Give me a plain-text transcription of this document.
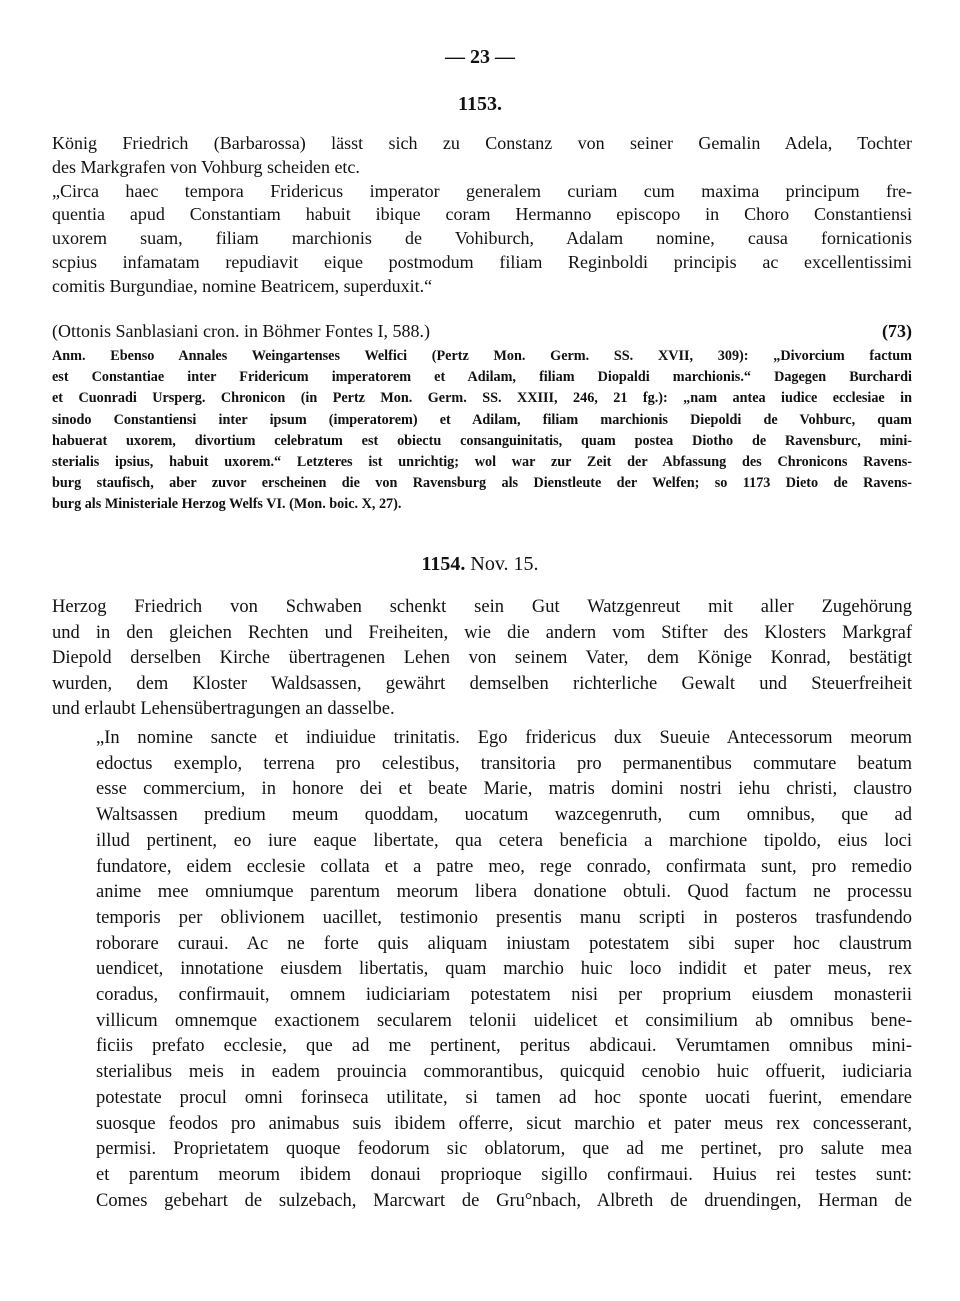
— 23 —
1153.
König Friedrich (Barbarossa) lässt sich zu Constanz von seiner Gemalin Adela, Tochter
des Markgrafen von Vohburg scheiden etc.
„Circa haec tempora Fridericus imperator generalem curiam cum maxima principum fre-
quentia apud Constantiam habuit ibique coram Hermanno episcopo in Choro Constantiensi
uxorem suam, filiam marchionis de Vohiburch, Adalam nomine, causa fornicationis
scpius infamatam repudiavit eique postmodum filiam Reginboldi principis ac excellentissimi
comitis Burgundiae, nomine Beatricem, superduxit.“
(Ottonis Sanblasiani cron. in Böhmer Fontes I, 588.)	(73)
Anm. Ebenso Annales Weingartenses Welfici (Pertz Mon. Germ. SS. XVII, 309): „Divorcium factum
est Constantiae inter Fridericum imperatorem et Adilam, filiam Diopaldi marchionis.“ Dagegen Burchardi
et Cuonradi Ursperg. Chronicon (in Pertz Mon. Germ. SS. XXIII, 246, 21 fg.): „nam antea iudice ecclesiae in
sinodo Constantiensi inter ipsum (imperatorem) et Adilam, filiam marchionis Diepoldi de Vohburc, quam
habuerat uxorem, divortium celebratum est obiectu consanguinitatis, quam postea Diotho de Ravensburc, mini-
sterialis ipsius, habuit uxorem.“ Letzteres ist unrichtig; wol war zur Zeit der Abfassung des Chronicons Ravens-
burg staufisch, aber zuvor erscheinen die von Ravensburg als Dienstleute der Welfen; so 1173 Dieto de Ravens-
burg als Ministeriale Herzog Welfs VI. (Mon. boic. X, 27).
1154. Nov. 15.
Herzog Friedrich von Schwaben schenkt sein Gut Watzgenreut mit aller Zugehörung
und in den gleichen Rechten und Freiheiten, wie die andern vom Stifter des Klosters Markgraf
Diepold derselben Kirche übertragenen Lehen von seinem Vater, dem Könige Konrad, bestätigt
wurden, dem Kloster Waldsassen, gewährt demselben richterliche Gewalt und Steuerfreiheit
und erlaubt Lehensübertragungen an dasselbe.
„In nomine sancte et indiuidue trinitatis. Ego fridericus dux Sueuie Antecessorum meorum
edoctus exemplo, terrena pro celestibus, transitoria pro permanentibus commutare beatum
esse commercium, in honore dei et beate Marie, matris domini nostri iehu christi, claustro
Waltsassen predium meum quoddam, uocatum wazcegenruth, cum omnibus, que ad
illud pertinent, eo iure eaque libertate, qua cetera beneficia a marchione tipoldo, eius loci
fundatore, eidem ecclesie collata et a patre meo, rege conrado, confirmata sunt, pro remedio
anime mee omniumque parentum meorum libera donatione obtuli. Quod factum ne processu
temporis per oblivionem uacillet, testimonio presentis manu scripti in posteros trasfundendo
roborare curaui. Ac ne forte quis aliquam iniustam potestatem sibi super hoc claustrum
uendicet, innotatione eiusdem libertatis, quam marchio huic loco indidit et pater meus, rex
coradus, confirmauit, omnem iudiciariam potestatem nisi per proprium eiusdem monasterii
villicum omnemque exactionem secularem telonii uidelicet et consimilium ab omnibus bene-
ficiis prefato ecclesie, que ad me pertinent, peritus abdicaui. Verumtamen omnibus mini-
sterialibus meis in eadem prouincia commorantibus, quicquid cenobio huic offuerit, iudiciaria
potestate procul omni forinseca utilitate, si tamen ad hoc sponte uocati fuerint, emendare
suosque feodos pro animabus suis ibidem offerre, sicut marchio et pater meus rex concesserant,
permisi. Proprietatem quoque feodorum sic oblatorum, que ad me pertinet, pro salute mea
et parentum meorum ibidem donaui proprioque sigillo confirmaui. Huius rei testes sunt:
Comes gebehart de sulzebach, Marcwart de Gru°nbach, Albreth de druendingen, Herman de
